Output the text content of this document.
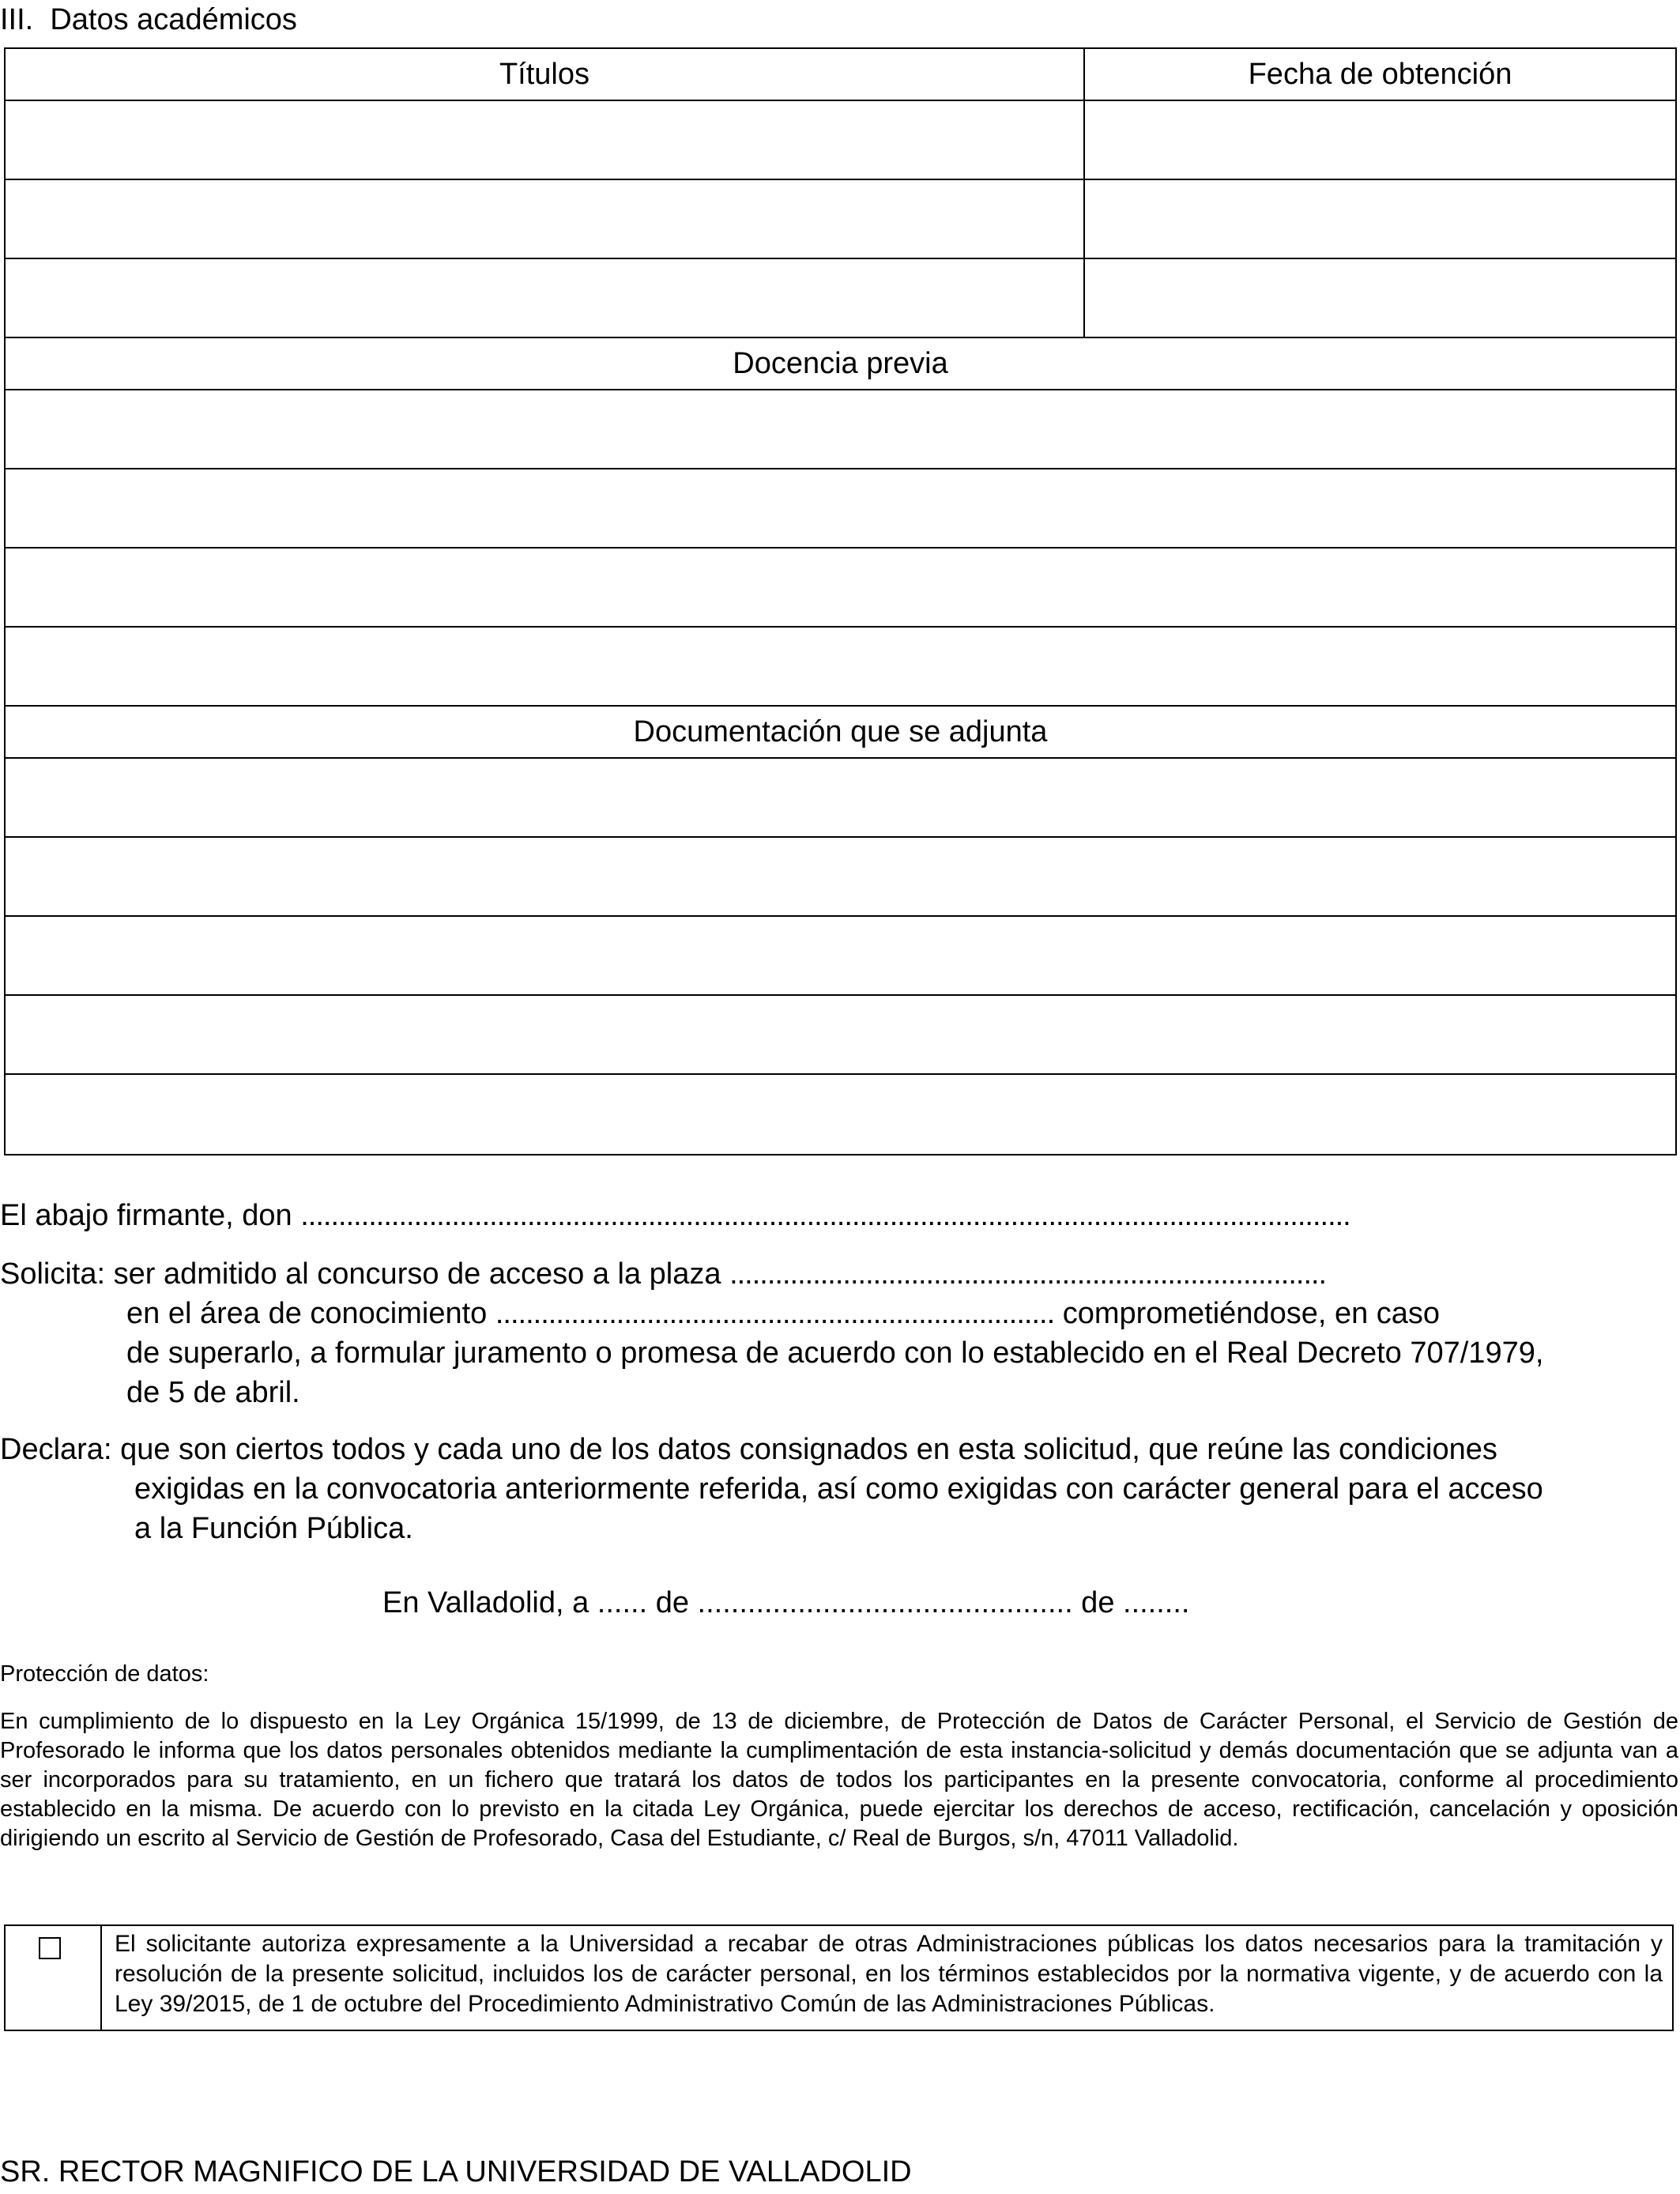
III.  Datos académicos
Títulos	Fecha de obtención
Docencia previa
Documentación que se adjunta
El abajo firmante, don ...........................................................................................................................................
Solicita: ser admitido al concurso de acceso a la plaza ...............................................................................
en el área de conocimiento .......................................................................... comprometiéndose, en caso
de superarlo, a formular juramento o promesa de acuerdo con lo establecido en el Real Decreto 707/1979,
de 5 de abril.
Declara: que son ciertos todos y cada uno de los datos consignados en esta solicitud, que reúne las condiciones
exigidas en la convocatoria anteriormente referida, así como exigidas con carácter general para el acceso
a la Función Pública.
En Valladolid, a ...... de ............................................. de ........
Protección de datos:
En cumplimiento de lo dispuesto en la Ley Orgánica 15/1999, de 13 de diciembre, de Protección de Datos de Carácter Personal, el Servicio de Gestión de Profesorado le informa que los datos personales obtenidos mediante la cumplimentación de esta instancia-solicitud y demás documentación que se adjunta van a ser incorporados para su tratamiento, en un fichero que tratará los datos de todos los participantes en la presente convocatoria, conforme al procedimiento establecido en la misma. De acuerdo con lo previsto en la citada Ley Orgánica, puede ejercitar los derechos de acceso, rectificación, cancelación y oposición dirigiendo un escrito al Servicio de Gestión de Profesorado, Casa del Estudiante, c/ Real de Burgos, s/n, 47011 Valladolid.
El solicitante autoriza expresamente a la Universidad a recabar de otras Administraciones públicas los datos necesarios para la tramitación y resolución de la presente solicitud, incluidos los de carácter personal, en los términos establecidos por la normativa vigente, y de acuerdo con la Ley 39/2015, de 1 de octubre del Procedimiento Administrativo Común de las Administraciones Públicas.
SR. RECTOR MAGNIFICO DE LA UNIVERSIDAD DE VALLADOLID
